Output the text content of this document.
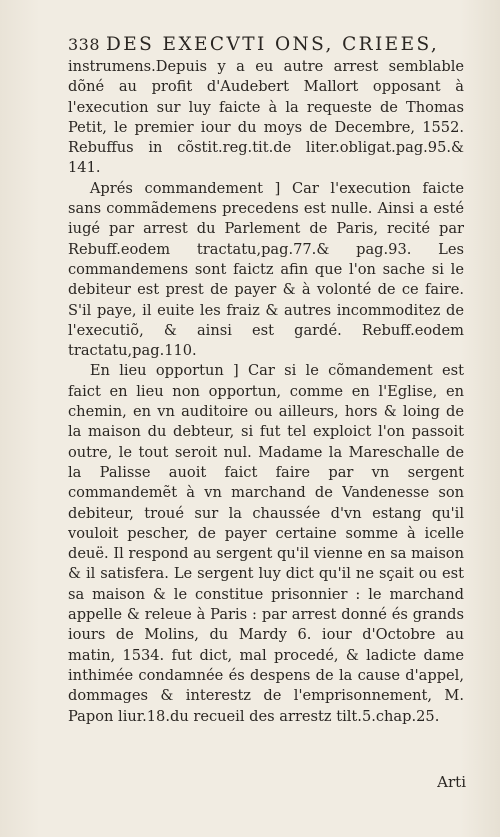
338 DES EXECVTI ONS, CRIEES,

instrumens.Depuis y a eu autre arrest semblable dõné au profit d'Audebert Mallort opposant à l'execution sur luy faicte à la requeste de Thomas Petit, le premier iour du moys de Decembre, 1552. Rebuffus in cõstit.reg.tit.de liter.obligat.pag.95.& 141.

Aprés commandement ] Car l'execution faicte sans commãdemens precedens est nulle. Ainsi a esté iugé par arrest du Parlement de Paris, recité par Rebuff.eodem tractatu,pag.77.& pag.93. Les commandemens sont faictz afin que l'on sache si le debiteur est prest de payer & à volonté de ce faire. S'il paye, il euite les fraiz & autres incommoditez de l'executiõ, & ainsi est gardé. Rebuff.eodem tractatu,pag.110.

En lieu opportun ] Car si le cõmandement est faict en lieu non opportun, comme en l'Eglise, en chemin, en vn auditoire ou ailleurs, hors & loing de la maison du debteur, si fut tel exploict l'on passoit outre, le tout seroit nul. Madame la Mareschalle de la Palisse auoit faict faire par vn sergent commandemẽt à vn marchand de Vandenesse son debiteur, troué sur la chaussée d'vn estang qu'il vouloit pescher, de payer certaine somme à icelle deuë. Il respond au sergent qu'il vienne en sa maison & il satisfera. Le sergent luy dict qu'il ne sçait ou est sa maison & le constitue prisonnier : le marchand appelle & releue à Paris : par arrest donné és grands iours de Molins, du Mardy 6. iour d'Octobre au matin, 1534. fut dict, mal procedé, & ladicte dame inthimée condamnée és despens de la cause d'appel, dommages & interestz de l'emprisonnement, M. Papon liur.18.du recueil des arrestz tilt.5.chap.25.

Arti
